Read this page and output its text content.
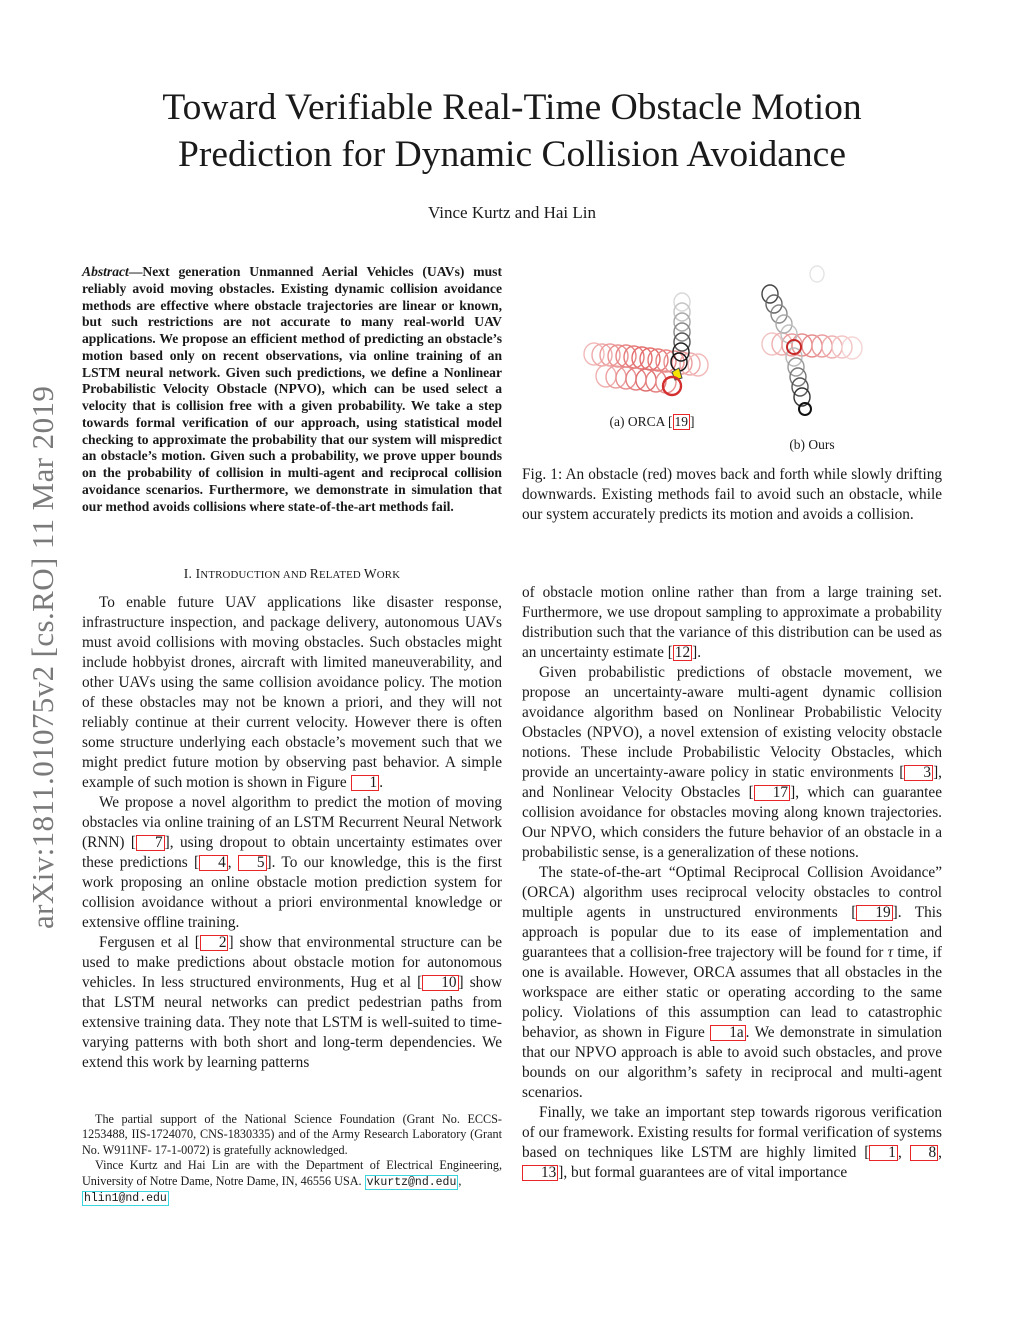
arXiv:1811.01075v2 [cs.RO] 11 Mar 2019
Toward Verifiable Real-Time Obstacle Motion
Prediction for Dynamic Collision Avoidance
Vince Kurtz and Hai Lin

Abstract—Next generation Unmanned Aerial Vehicles (UAVs) must reliably avoid moving obstacles. Existing dynamic collision avoidance methods are effective where obstacle trajectories are linear or known, but such restrictions are not accurate to many real-world UAV applications. We propose an efficient method of predicting an obstacle’s motion based only on recent observations, via online training of an LSTM neural network. Given such predictions, we define a Nonlinear Probabilistic Velocity Obstacle (NPVO), which can be used select a velocity that is collision free with a given probability. We take a step towards formal verification of our approach, using statistical model checking to approximate the probability that our system will mispredict an obstacle’s motion. Given such a probability, we prove upper bounds on the probability of collision in multi-agent and reciprocal collision avoidance scenarios. Furthermore, we demonstrate in simulation that our method avoids collisions where state-of-the-art methods fail.

I. INTRODUCTION AND RELATED WORK

To enable future UAV applications like disaster response, infrastructure inspection, and package delivery, autonomous UAVs must avoid collisions with moving obstacles. Such obstacles might include hobbyist drones, aircraft with limited maneuverability, and other UAVs using the same collision avoidance policy. The motion of these obstacles may not be known a priori, and they will not reliably continue at their current velocity. However there is often some structure underlying each obstacle’s movement such that we might predict future motion by observing past behavior. A simple example of such motion is shown in Figure 1 .

We propose a novel algorithm to predict the motion of moving obstacles via online training of an LSTM Recurrent Neural Network (RNN) [ 7 ], using dropout to obtain uncertainty estimates over these predictions [ 4 , 5 ]. To our knowledge, this is the first work proposing an online obstacle motion prediction system for collision avoidance without a priori environmental knowledge or extensive offline training.

Fergusen et al [ 2 ] show that environmental structure can be used to make predictions about obstacle motion for autonomous vehicles. In less structured environments, Hug et al [ 10 ] show that LSTM neural networks can predict pedestrian paths from extensive training data. They note that LSTM is well-suited to time-varying patterns with both short and long-term dependencies. We extend this work by learning patterns

The partial support of the National Science Foundation (Grant No. ECCS-1253488, IIS-1724070, CNS-1830335) and of the Army Research Laboratory (Grant No. W911NF- 17-1-0072) is gratefully acknowledged.

Vince Kurtz and Hai Lin are with the Department of Electrical Engineering, University of Notre Dame, Notre Dame, IN, 46556 USA. vkurtz@nd.edu ,
hlin1@nd.edu

(a) ORCA [ 19 ]
(b) Ours

Fig. 1: An obstacle (red) moves back and forth while slowly drifting downwards. Existing methods fail to avoid such an obstacle, while our system accurately predicts its motion and avoids a collision.

of obstacle motion online rather than from a large training set. Furthermore, we use dropout sampling to approximate a probability distribution such that the variance of this distribution can be used as an uncertainty estimate [ 12 ].

Given probabilistic predictions of obstacle movement, we propose an uncertainty-aware multi-agent dynamic collision avoidance algorithm based on Nonlinear Probabilistic Velocity Obstacles (NPVO), a novel extension of existing velocity obstacle notions. These include Probabilistic Velocity Obstacles, which provide an uncertainty-aware policy in static environments [ 3 ], and Nonlinear Velocity Obstacles [ 17 ], which can guarantee collision avoidance for obstacles moving along known trajectories. Our NPVO, which considers the future behavior of an obstacle in a probabilistic sense, is a generalization of these notions.

The state-of-the-art “Optimal Reciprocal Collision Avoidance” (ORCA) algorithm uses reciprocal velocity obstacles to control multiple agents in unstructured environments [ 19 ]. This approach is popular due to its ease of implementation and guarantees that a collision-free trajectory will be found for τ time, if one is available. However, ORCA assumes that all obstacles in the workspace are either static or operating according to the same policy. Violations of this assumption can lead to catastrophic behavior, as shown in Figure 1a . We demonstrate in simulation that our NPVO approach is able to avoid such obstacles, and prove bounds on our algorithm’s safety in reciprocal and multi-agent scenarios.

Finally, we take an important step towards rigorous verification of our framework. Existing results for formal verification of systems based on techniques like LSTM are highly limited [ 1 , 8 , 13 ], but formal guarantees are of vital importance
